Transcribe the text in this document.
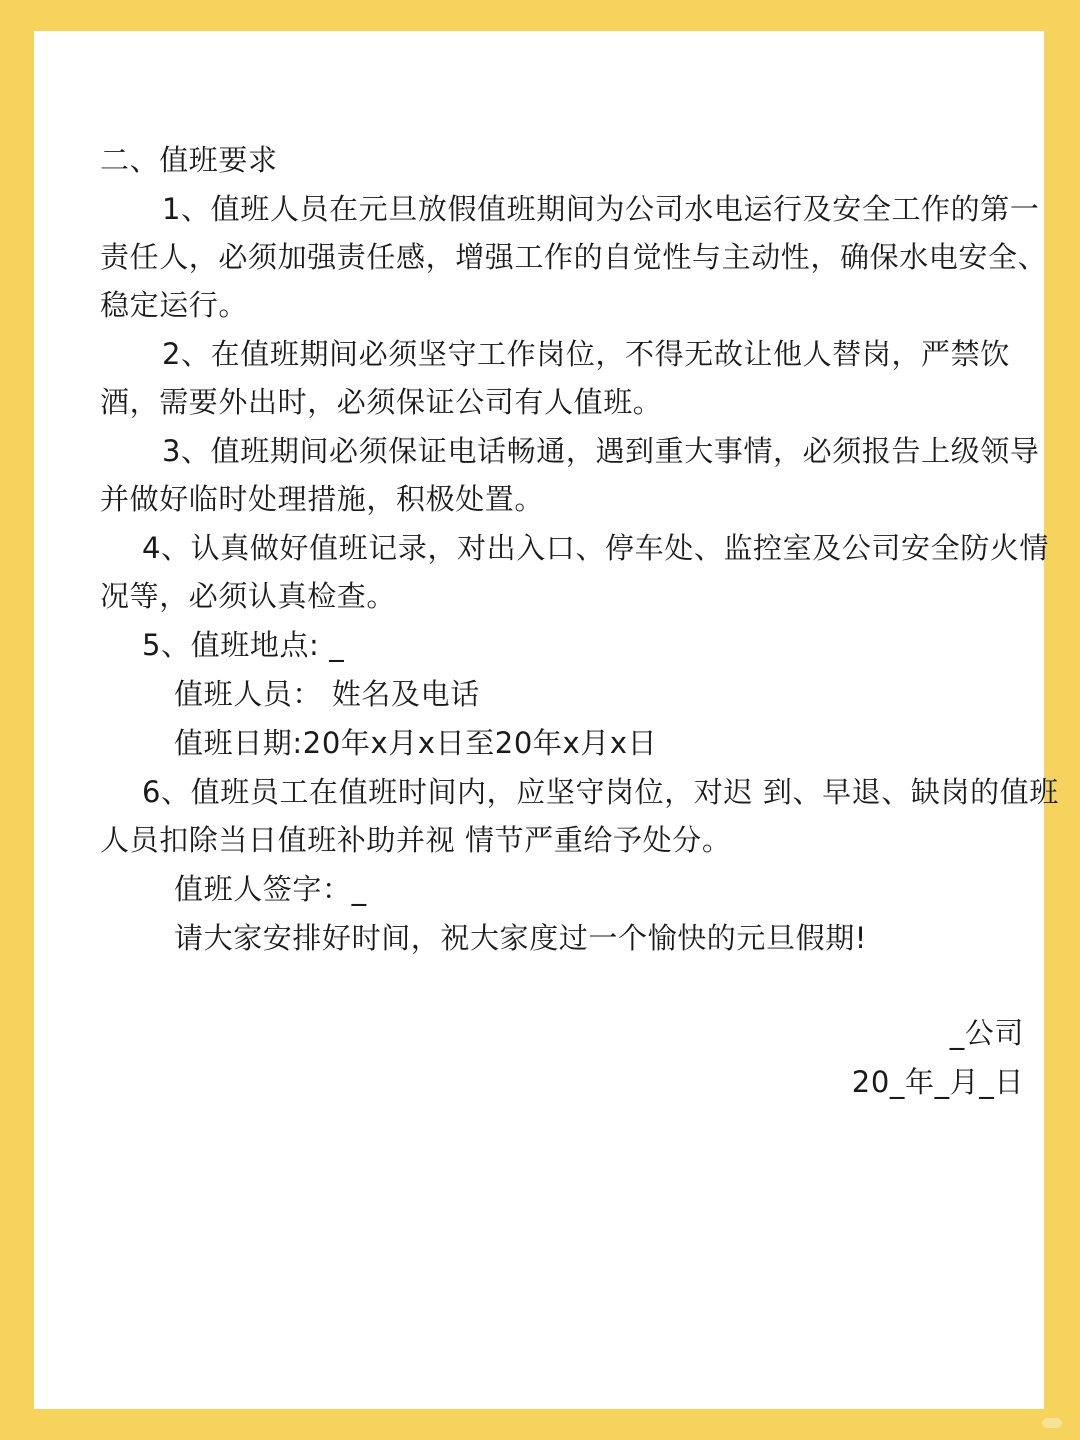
二、值班要求
1、值班人员在元旦放假值班期间为公司水电运行及安全工作的第一责任人，必须加强责任感，增强工作的自觉性与主动性，确保水电安全、稳定运行。
2、在值班期间必须坚守工作岗位，不得无故让他人替岗，严禁饮酒，需要外出时，必须保证公司有人值班。
3、值班期间必须保证电话畅通，遇到重大事情，必须报告上级领导并做好临时处理措施，积极处置。
4、认真做好值班记录，对出入口、停车处、监控室及公司安全防火情况等，必须认真检查。
5、值班地点: _
值班人员： 姓名及电话
值班日期:20年x月x日至20年x月x日
6、值班员工在值班时间内，应坚守岗位，对迟 到、早退、缺岗的值班人员扣除当日值班补助并视 情节严重给予处分。
值班人签字：_
请大家安排好时间，祝大家度过一个愉快的元旦假期!
_公司
20_年_月_日
